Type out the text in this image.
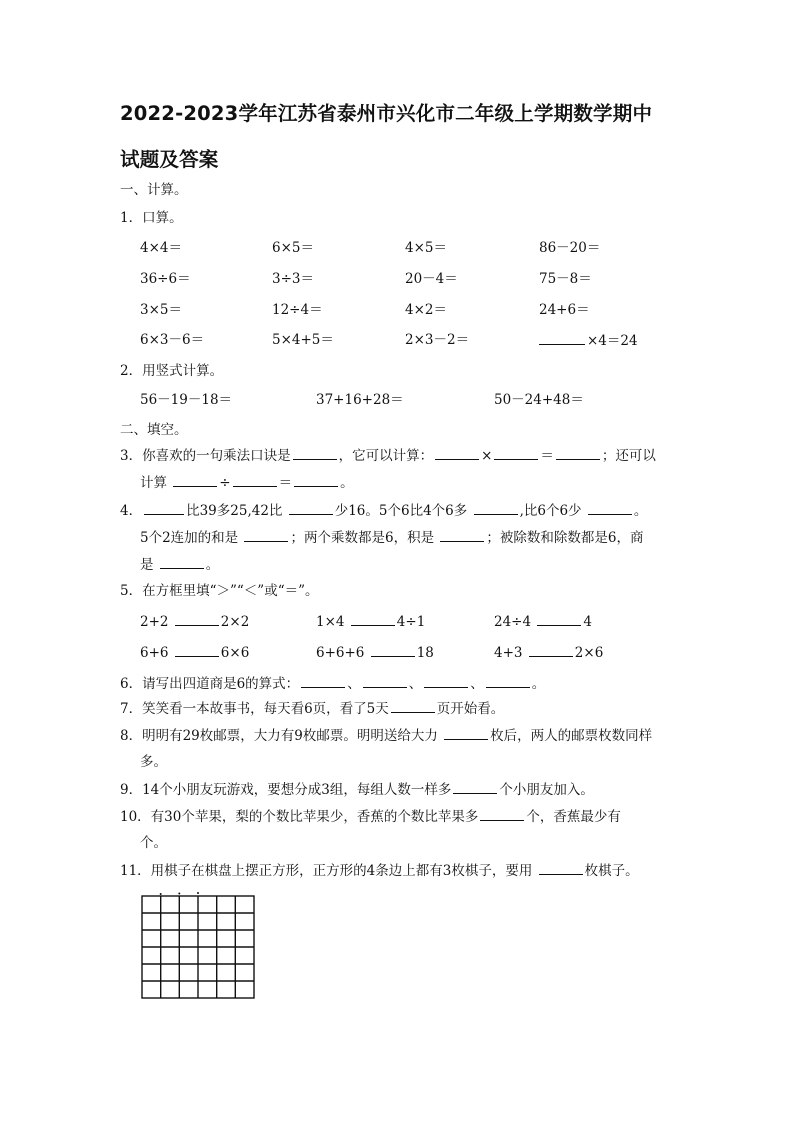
2022-2023学年江苏省泰州市兴化市二年级上学期数学期中
试题及答案
一、计算。
1．口算。
4×4＝	6×5＝	4×5＝	86－20＝
36÷6＝	3÷3＝	20－4＝	75－8＝
3×5＝	12÷4＝	4×2＝	24+6＝
6×3－6＝	5×4+5＝	2×3－2＝	×4＝24
2．用竖式计算。
56－19－18＝	37+16+28＝	50－24+48＝
二、填空。
3．你喜欢的一句乘法口诀是	，它可以计算：	×	＝	；还可以
计算	÷	＝	。
4．	比39多25,42比	少16。5个6比4个6多	,比6个6少	。
5个2连加的和是	；两个乘数都是6，积是	；被除数和除数都是6，商
是	。
5．在方框里填“＞”“＜”或“＝”。
2+2	2×2	1×4	4÷1	24÷4	4
6+6	6×6	6+6+6	18	4+3	2×6
6．请写出四道商是6的算式：	、	、	、	。
7．笑笑看一本故事书，每天看6页，看了5天	页开始看。
8．明明有29枚邮票，大力有9枚邮票。明明送给大力	枚后，两人的邮票枚数同样
多。
9．14个小朋友玩游戏，要想分成3组，每组人数一样多	个小朋友加入。
10．有30个苹果，梨的个数比苹果少，香蕉的个数比苹果多	个，香蕉最少有
个。
11．用棋子在棋盘上摆正方形，正方形的4条边上都有3枚棋子，要用	枚棋子。
